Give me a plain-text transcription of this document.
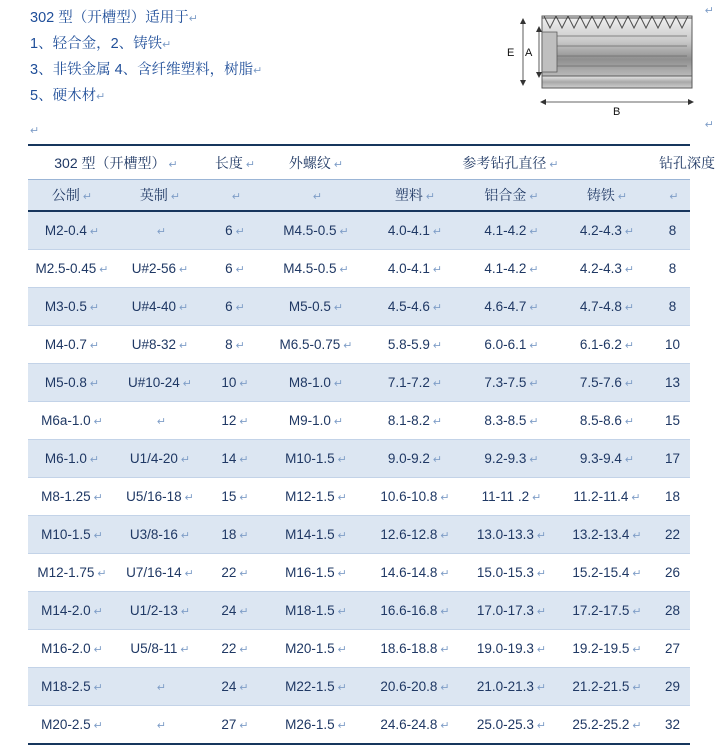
302 型（开槽型）适用于↵
1、轻合金，2、铸铁↵
3、非铁金属 4、含纤维塑料，树脂↵
5、硬木材↵
↵
↵
↵
E A
B
302 型（开槽型） ↵		长度 ↵	外螺纹 ↵	参考钻孔直径 ↵			钻孔深度

公制 ↵	英制 ↵	↵	↵	塑料 ↵	铝合金 ↵	铸铁 ↵	↵

M2-0.4 ↵	↵	6 ↵	M4.5-0.5 ↵	4.0-4.1 ↵	4.1-4.2 ↵	4.2-4.3 ↵	8

M2.5-0.45 ↵	U#2-56 ↵	6 ↵	M4.5-0.5 ↵	4.0-4.1 ↵	4.1-4.2 ↵	4.2-4.3 ↵	8

M3-0.5 ↵	U#4-40 ↵	6 ↵	M5-0.5 ↵	4.5-4.6 ↵	4.6-4.7 ↵	4.7-4.8 ↵	8

M4-0.7 ↵	U#8-32 ↵	8 ↵	M6.5-0.75 ↵	5.8-5.9 ↵	6.0-6.1 ↵	6.1-6.2 ↵	10

M5-0.8 ↵	U#10-24 ↵	10 ↵	M8-1.0 ↵	7.1-7.2 ↵	7.3-7.5 ↵	7.5-7.6 ↵	13

M6a-1.0 ↵	↵	12 ↵	M9-1.0 ↵	8.1-8.2 ↵	8.3-8.5 ↵	8.5-8.6 ↵	15

M6-1.0 ↵	U1/4-20 ↵	14 ↵	M10-1.5 ↵	9.0-9.2 ↵	9.2-9.3 ↵	9.3-9.4 ↵	17

M8-1.25 ↵	U5/16-18 ↵	15 ↵	M12-1.5 ↵	10.6-10.8 ↵	11-11 .2 ↵	11.2-11.4 ↵	18

M10-1.5 ↵	U3/8-16 ↵	18 ↵	M14-1.5 ↵	12.6-12.8 ↵	13.0-13.3 ↵	13.2-13.4 ↵	22

M12-1.75 ↵	U7/16-14 ↵	22 ↵	M16-1.5 ↵	14.6-14.8 ↵	15.0-15.3 ↵	15.2-15.4 ↵	26

M14-2.0 ↵	U1/2-13 ↵	24 ↵	M18-1.5 ↵	16.6-16.8 ↵	17.0-17.3 ↵	17.2-17.5 ↵	28

M16-2.0 ↵	U5/8-11 ↵	22 ↵	M20-1.5 ↵	18.6-18.8 ↵	19.0-19.3 ↵	19.2-19.5 ↵	27

M18-2.5 ↵	↵	24 ↵	M22-1.5 ↵	20.6-20.8 ↵	21.0-21.3 ↵	21.2-21.5 ↵	29

M20-2.5 ↵	↵	27 ↵	M26-1.5 ↵	24.6-24.8 ↵	25.0-25.3 ↵	25.2-25.2 ↵	32
